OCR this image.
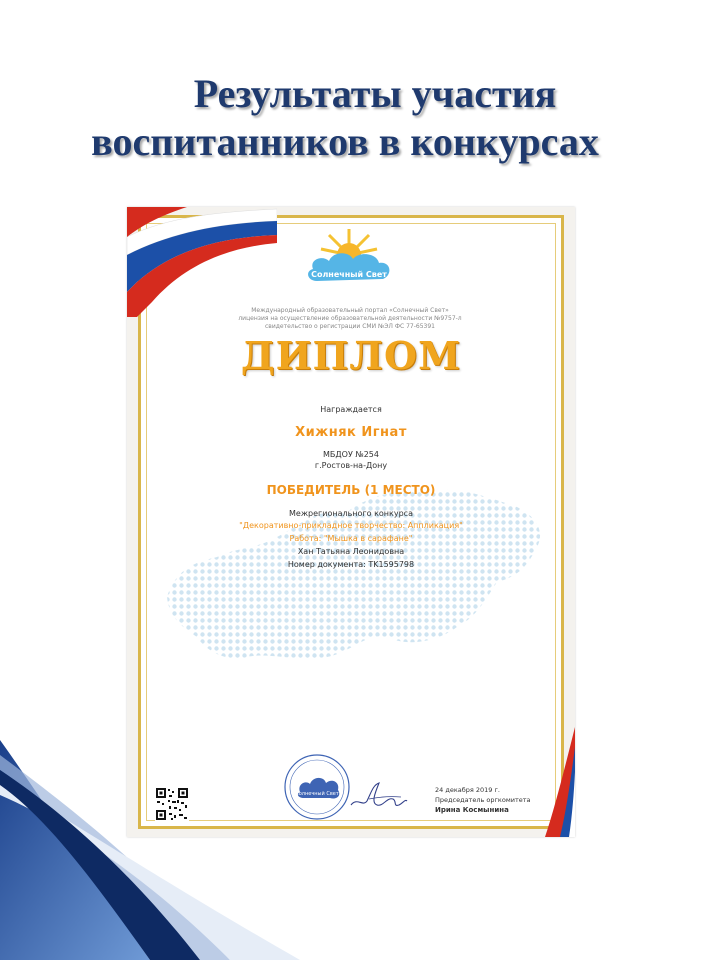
Результаты участия
воспитанников в конкурсах
Солнечный Свет
Международный образовательный портал «Солнечный Свет»
лицензия на осуществление образовательной деятельности №9757-л
свидетельство о регистрации СМИ №ЭЛ ФС 77-65391
ДИПЛОМ
Награждается
Хижняк Игнат
МБДОУ №254
г.Ростов-на-Дону
ПОБЕДИТЕЛЬ (1 МЕСТО)
Межрегионального конкурса
"Декоративно-прикладное творчество: Аппликация"
Работа: "Мышка в сарафане"
Хан Татьяна Леонидовна
Номер документа: TK1595798
Солнечный Свет	24 декабря 2019 г.
Председатель оргкомитета
Ирина Космынина
